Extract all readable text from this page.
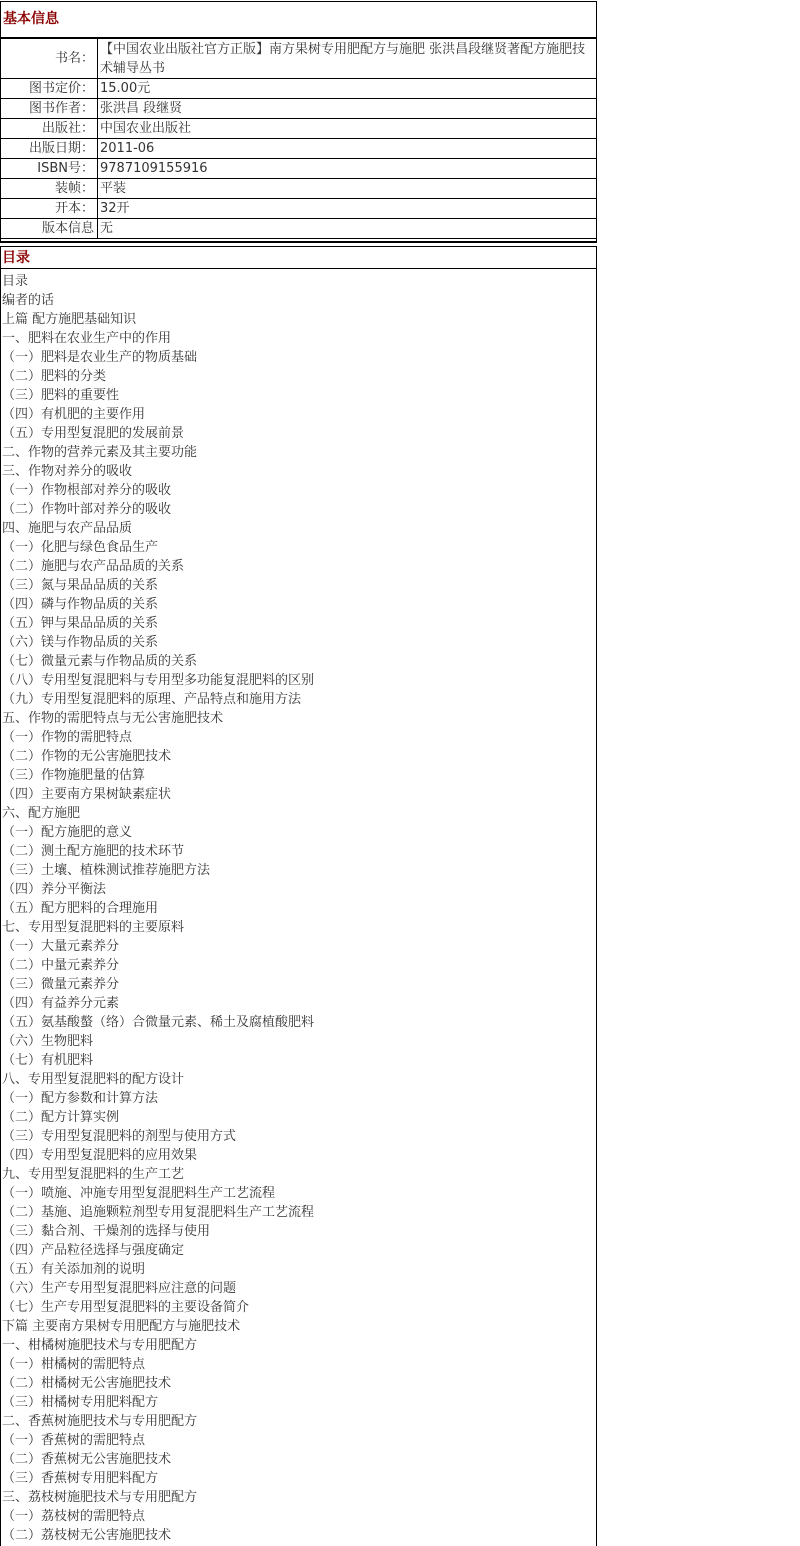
基本信息
书名：	【中国农业出版社官方正版】南方果树专用肥配方与施肥 张洪昌段继贤著配方施肥技术辅导丛书
图书定价：	15.00元
图书作者：	张洪昌 段继贤
出版社：	中国农业出版社
出版日期：	2011-06
ISBN号：	9787109155916
装帧：	平装
开本：	32开
版本信息	无
目录
目录
编者的话
上篇 配方施肥基础知识
一、肥料在农业生产中的作用
（一）肥料是农业生产的物质基础
（二）肥料的分类
（三）肥料的重要性
（四）有机肥的主要作用
（五）专用型复混肥的发展前景
二、作物的营养元素及其主要功能
三、作物对养分的吸收
（一）作物根部对养分的吸收
（二）作物叶部对养分的吸收
四、施肥与农产品品质
（一）化肥与绿色食品生产
（二）施肥与农产品品质的关系
（三）氮与果品品质的关系
（四）磷与作物品质的关系
（五）钾与果品品质的关系
（六）镁与作物品质的关系
（七）微量元素与作物品质的关系
（八）专用型复混肥料与专用型多功能复混肥料的区别
（九）专用型复混肥料的原理、产品特点和施用方法
五、作物的需肥特点与无公害施肥技术
（一）作物的需肥特点
（二）作物的无公害施肥技术
（三）作物施肥量的估算
（四）主要南方果树缺素症状
六、配方施肥
（一）配方施肥的意义
（二）测土配方施肥的技术环节
（三）土壤、植株测试推荐施肥方法
（四）养分平衡法
（五）配方肥料的合理施用
七、专用型复混肥料的主要原料
（一）大量元素养分
（二）中量元素养分
（三）微量元素养分
（四）有益养分元素
（五）氨基酸螯（络）合微量元素、稀土及腐植酸肥料
（六）生物肥料
（七）有机肥料
八、专用型复混肥料的配方设计
（一）配方参数和计算方法
（二）配方计算实例
（三）专用型复混肥料的剂型与使用方式
（四）专用型复混肥料的应用效果
九、专用型复混肥料的生产工艺
（一）喷施、冲施专用型复混肥料生产工艺流程
（二）基施、追施颗粒剂型专用复混肥料生产工艺流程
（三）黏合剂、干燥剂的选择与使用
（四）产品粒径选择与强度确定
（五）有关添加剂的说明
（六）生产专用型复混肥料应注意的问题
（七）生产专用型复混肥料的主要设备简介
下篇 主要南方果树专用肥配方与施肥技术
一、柑橘树施肥技术与专用肥配方
（一）柑橘树的需肥特点
（二）柑橘树无公害施肥技术
（三）柑橘树专用肥料配方
二、香蕉树施肥技术与专用肥配方
（一）香蕉树的需肥特点
（二）香蕉树无公害施肥技术
（三）香蕉树专用肥料配方
三、荔枝树施肥技术与专用肥配方
（一）荔枝树的需肥特点
（二）荔枝树无公害施肥技术
